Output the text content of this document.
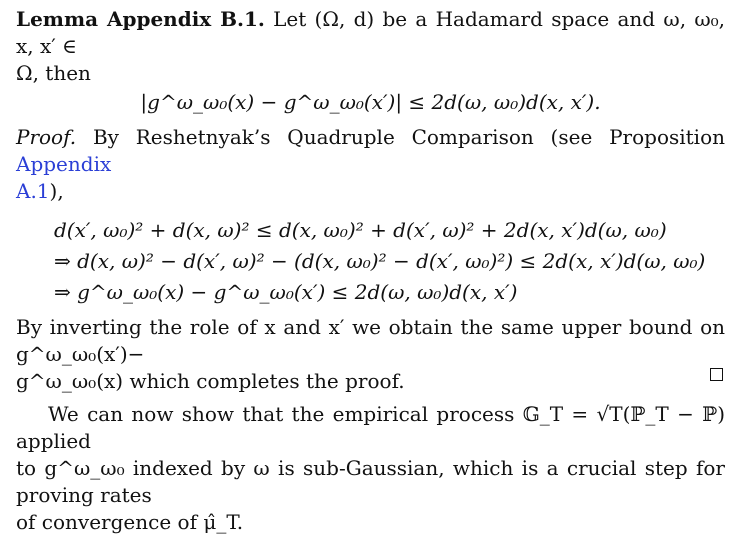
Lemma Appendix B.1. Let (Ω, d) be a Hadamard space and ω, ω₀, x, x′ ∈
Ω, then

|g^ω_ω₀(x) − g^ω_ω₀(x′)| ≤ 2d(ω, ω₀)d(x, x′).

Proof. By Reshetnyak’s Quadruple Comparison (see Proposition Appendix
A.1),

d(x′, ω₀)² + d(x, ω)² ≤ d(x, ω₀)² + d(x′, ω)² + 2d(x, x′)d(ω, ω₀)
⇒ d(x, ω)² − d(x′, ω)² − (d(x, ω₀)² − d(x′, ω₀)²) ≤ 2d(x, x′)d(ω, ω₀)
⇒ g^ω_ω₀(x) − g^ω_ω₀(x′) ≤ 2d(ω, ω₀)d(x, x′)

By inverting the role of x and x′ we obtain the same upper bound on g^ω_ω₀(x′)−
g^ω_ω₀(x) which completes the proof.

We can now show that the empirical process 𝔾_T = √T(ℙ_T − ℙ) applied
to g^ω_ω₀ indexed by ω is sub-Gaussian, which is a crucial step for proving rates
of convergence of μ̂_T.
